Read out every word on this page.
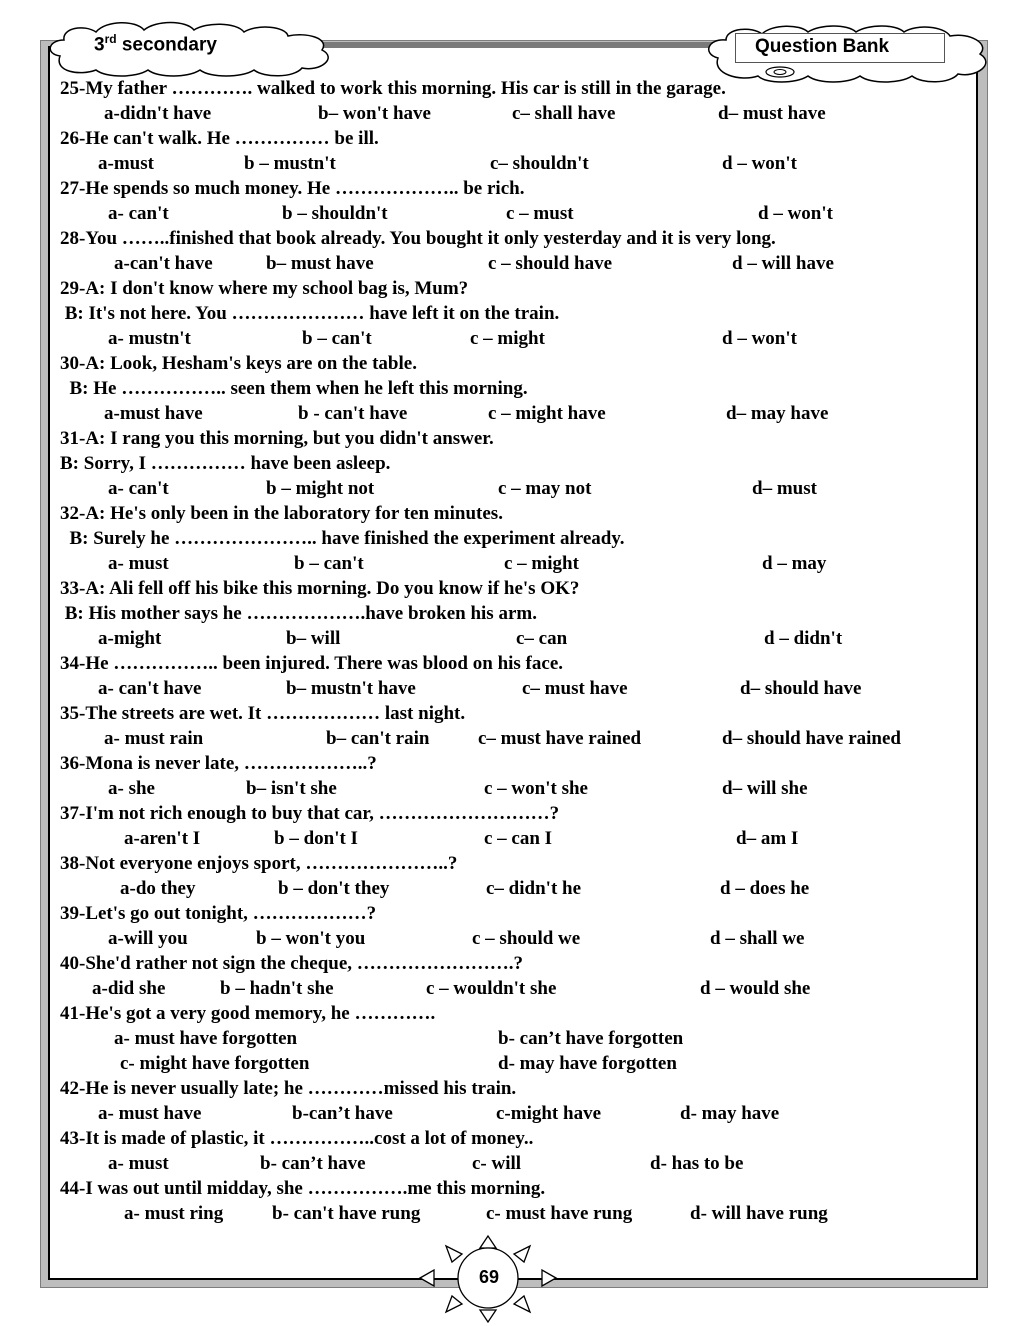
3rd secondary	Question Bank
25-My father …………. walked to work this morning. His car is still in the garage.
a-didn't have	b– won't have	c– shall have	d– must have
26-He can't walk. He …………… be ill.
a-must	b – mustn't	c– shouldn't	d – won't
27-He spends so much money. He ……………….. be rich.
a- can't	b – shouldn't	c – must	d – won't
28-You ……..finished that book already. You bought it only yesterday and it is very long.
a-can't have	b– must have	c – should have	d – will have
29-A: I don't know where my school bag is, Mum?
B: It's not here. You ………………… have left it on the train.
a- mustn't	b – can't	c – might	d – won't
30-A: Look, Hesham's keys are on the table.
B: He …………….. seen them when he left this morning.
a-must have	b - can't have	c – might have	d– may have
31-A: I rang you this morning, but you didn't answer.
B: Sorry, I …………… have been asleep.
a- can't	b – might not	c – may not	d– must
32-A: He's only been in the laboratory for ten minutes.
B: Surely he ………………….. have finished the experiment already.
a- must	b – can't	c – might	d – may
33-A: Ali fell off his bike this morning. Do you know if he's OK?
B: His mother says he ……………….have broken his arm.
a-might	b– will	c– can	d – didn't
34-He …………….. been injured. There was blood on his face.
a- can't have	b– mustn't have	c– must have	d– should have
35-The streets are wet. It ……………… last night.
a- must rain	b– can't rain	c– must have rained	d– should have rained
36-Mona is never late, ………………..?
a- she	b– isn't she	c – won't she	d– will she
37-I'm not rich enough to buy that car, ………………………?
a-aren't I	b – don't I	c – can I	d– am I
38-Not everyone enjoys sport, …………………..?
a-do they	b – don't they	c– didn't he	d – does he
39-Let's go out tonight, ………………?
a-will you	b – won't you	c – should we	d – shall we
40-She'd rather not sign the cheque, …………………….?
a-did she	b – hadn't she	c – wouldn't she	d – would she
41-He's got a very good memory, he ………….
a- must have forgotten	b- can’t have forgotten
c- might have forgotten	d- may have forgotten
42-He is never usually late; he …………missed his train.
a- must have	b-can’t have	c-might have	d- may have
43-It is made of plastic, it ……………..cost a lot of money..
a- must	b- can’t have	c- will	d- has to be
44-I was out until midday, she …………….me this morning.
a- must ring	b- can't have rung	c- must have rung	d- will have rung
69
